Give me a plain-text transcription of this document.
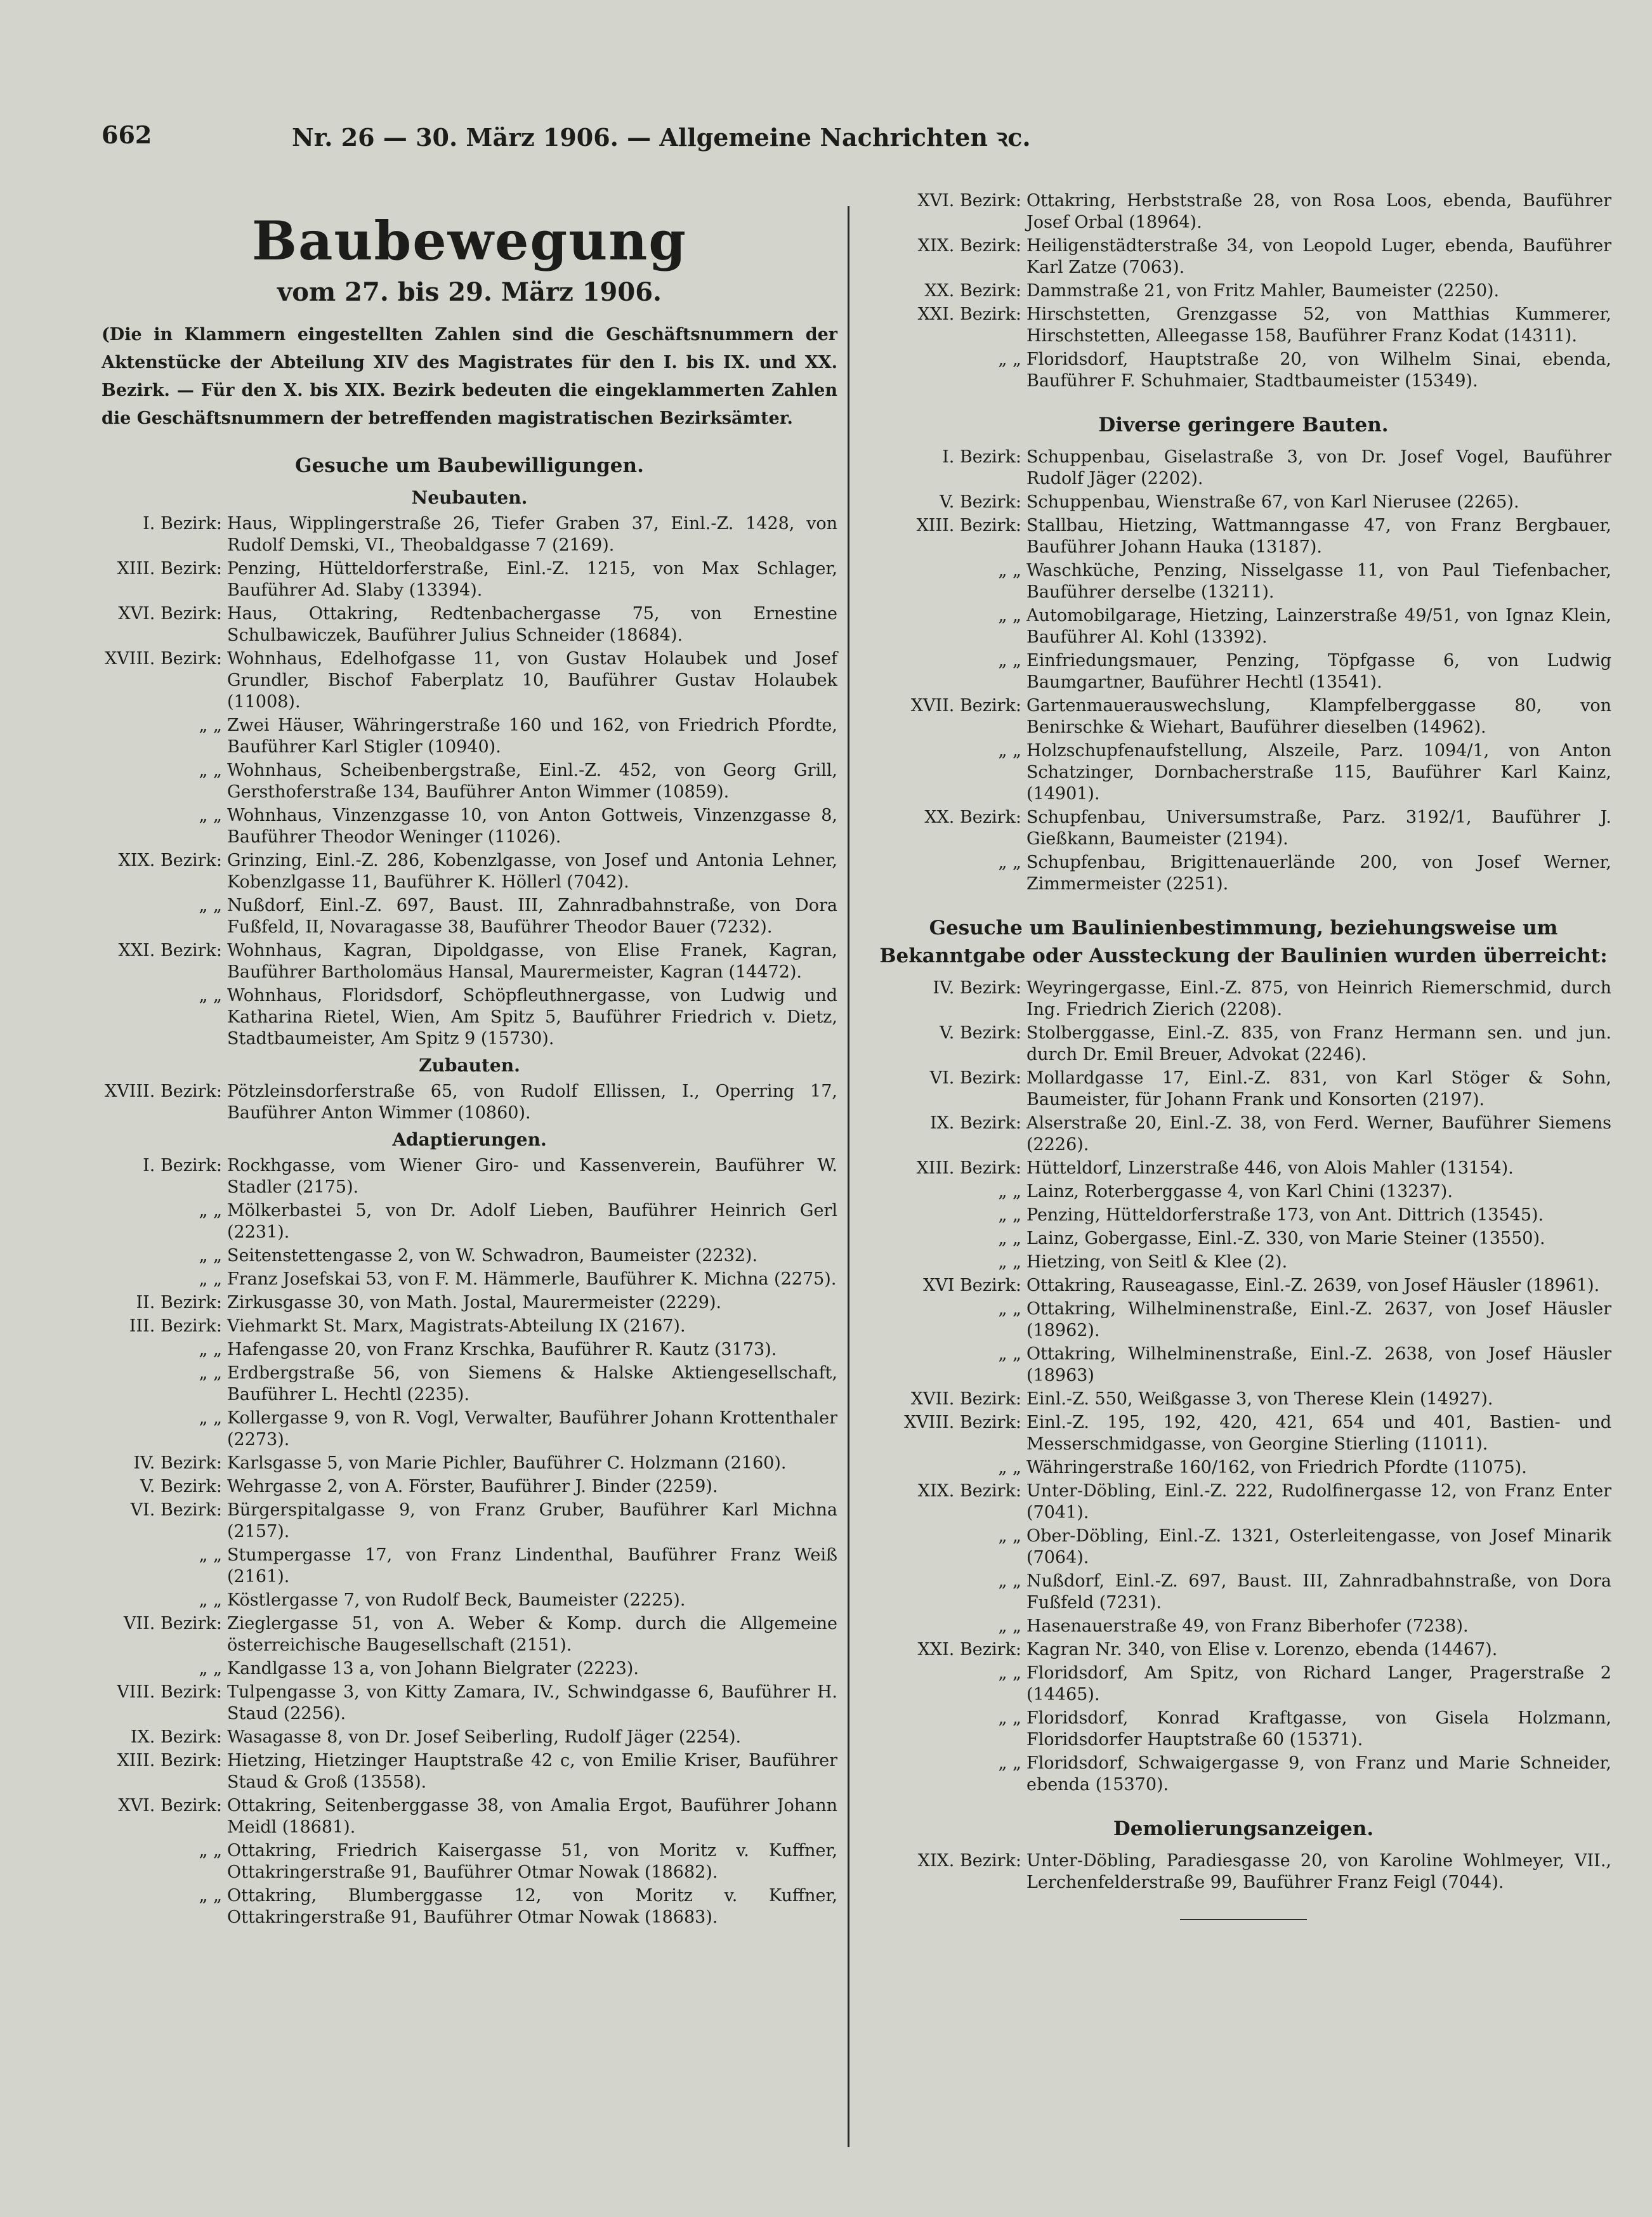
662	Nr. 26 — 30. März 1906. — Allgemeine Nachrichten ꝛc.
Baubewegung
vom 27. bis 29. März 1906.
(Die in Klammern eingestellten Zahlen sind die Geschäftsnummern der Aktenstücke der Abteilung XIV des Magistrates für den I. bis IX. und XX. Bezirk. — Für den X. bis XIX. Bezirk bedeuten die eingeklammerten Zahlen die Geschäftsnummern der betreffenden magistratischen Bezirksämter.
Gesuche um Baubewilligungen.
Neubauten.
I. Bezirk: Haus, Wipplingerstraße 26, Tiefer Graben 37, Einl.-Z. 1428, von Rudolf Demski, VI., Theobaldgasse 7 (2169).
XIII. Bezirk: Penzing, Hütteldorferstraße, Einl.-Z. 1215, von Max Schlager, Bauführer Ad. Slaby (13394).
XVI. Bezirk: Haus, Ottakring, Redtenbachergasse 75, von Ernestine Schulbawiczek, Bauführer Julius Schneider (18684).
XVIII. Bezirk: Wohnhaus, Edelhofgasse 11, von Gustav Holaubek und Josef Grundler, Bischof Faberplatz 10, Bauführer Gustav Holaubek (11008).
„ „ Zwei Häuser, Währingerstraße 160 und 162, von Friedrich Pfordte, Bauführer Karl Stigler (10940).
„ „ Wohnhaus, Scheibenbergstraße, Einl.-Z. 452, von Georg Grill, Gersthoferstraße 134, Bauführer Anton Wimmer (10859).
„ „ Wohnhaus, Vinzenzgasse 10, von Anton Gottweis, Vinzenzgasse 8, Bauführer Theodor Weninger (11026).
XIX. Bezirk: Grinzing, Einl.-Z. 286, Kobenzlgasse, von Josef und Antonia Lehner, Kobenzlgasse 11, Bauführer K. Höllerl (7042).
„ „ Nußdorf, Einl.-Z. 697, Baust. III, Zahnradbahnstraße, von Dora Fußfeld, II, Novaragasse 38, Bauführer Theodor Bauer (7232).
XXI. Bezirk: Wohnhaus, Kagran, Dipoldgasse, von Elise Franek, Kagran, Bauführer Bartholomäus Hansal, Maurermeister, Kagran (14472).
„ „ Wohnhaus, Floridsdorf, Schöpfleuthnergasse, von Ludwig und Katharina Rietel, Wien, Am Spitz 5, Bauführer Friedrich v. Dietz, Stadtbaumeister, Am Spitz 9 (15730).
Zubauten.
XVIII. Bezirk: Pötzleinsdorferstraße 65, von Rudolf Ellissen, I., Operring 17, Bauführer Anton Wimmer (10860).
Adaptierungen.
I. Bezirk: Rockhgasse, vom Wiener Giro- und Kassenverein, Bauführer W. Stadler (2175).
„ „ Mölkerbastei 5, von Dr. Adolf Lieben, Bauführer Heinrich Gerl (2231).
„ „ Seitenstettengasse 2, von W. Schwadron, Baumeister (2232).
„ „ Franz Josefskai 53, von F. M. Hämmerle, Bauführer K. Michna (2275).
II. Bezirk: Zirkusgasse 30, von Math. Jostal, Maurermeister (2229).
III. Bezirk: Viehmarkt St. Marx, Magistrats-Abteilung IX (2167).
„ „ Hafengasse 20, von Franz Krschka, Bauführer R. Kautz (3173).
„ „ Erdbergstraße 56, von Siemens & Halske Aktiengesellschaft, Bauführer L. Hechtl (2235).
„ „ Kollergasse 9, von R. Vogl, Verwalter, Bauführer Johann Krottenthaler (2273).
IV. Bezirk: Karlsgasse 5, von Marie Pichler, Bauführer C. Holzmann (2160).
V. Bezirk: Wehrgasse 2, von A. Förster, Bauführer J. Binder (2259).
VI. Bezirk: Bürgerspitalgasse 9, von Franz Gruber, Bauführer Karl Michna (2157).
„ „ Stumpergasse 17, von Franz Lindenthal, Bauführer Franz Weiß (2161).
„ „ Köstlergasse 7, von Rudolf Beck, Baumeister (2225).
VII. Bezirk: Zieglergasse 51, von A. Weber & Komp. durch die Allgemeine österreichische Baugesellschaft (2151).
„ „ Kandlgasse 13 a, von Johann Bielgrater (2223).
VIII. Bezirk: Tulpengasse 3, von Kitty Zamara, IV., Schwindgasse 6, Bauführer H. Staud (2256).
IX. Bezirk: Wasagasse 8, von Dr. Josef Seiberling, Rudolf Jäger (2254).
XIII. Bezirk: Hietzing, Hietzinger Hauptstraße 42 c, von Emilie Kriser, Bauführer Staud & Groß (13558).
XVI. Bezirk: Ottakring, Seitenberggasse 38, von Amalia Ergot, Bauführer Johann Meidl (18681).
„ „ Ottakring, Friedrich Kaisergasse 51, von Moritz v. Kuffner, Ottakringerstraße 91, Bauführer Otmar Nowak (18682).
„ „ Ottakring, Blumberggasse 12, von Moritz v. Kuffner, Ottakringerstraße 91, Bauführer Otmar Nowak (18683).
XVI. Bezirk: Ottakring, Herbststraße 28, von Rosa Loos, ebenda, Bauführer Josef Orbal (18964).
XIX. Bezirk: Heiligenstädterstraße 34, von Leopold Luger, ebenda, Bauführer Karl Zatze (7063).
XX. Bezirk: Dammstraße 21, von Fritz Mahler, Baumeister (2250).
XXI. Bezirk: Hirschstetten, Grenzgasse 52, von Matthias Kummerer, Hirschstetten, Alleegasse 158, Bauführer Franz Kodat (14311).
„ „ Floridsdorf, Hauptstraße 20, von Wilhelm Sinai, ebenda, Bauführer F. Schuhmaier, Stadtbaumeister (15349).
Diverse geringere Bauten.
I. Bezirk: Schuppenbau, Giselastraße 3, von Dr. Josef Vogel, Bauführer Rudolf Jäger (2202).
V. Bezirk: Schuppenbau, Wienstraße 67, von Karl Nierusee (2265).
XIII. Bezirk: Stallbau, Hietzing, Wattmanngasse 47, von Franz Bergbauer, Bauführer Johann Hauka (13187).
„ „ Waschküche, Penzing, Nisselgasse 11, von Paul Tiefenbacher, Bauführer derselbe (13211).
„ „ Automobilgarage, Hietzing, Lainzerstraße 49/51, von Ignaz Klein, Bauführer Al. Kohl (13392).
„ „ Einfriedungsmauer, Penzing, Töpfgasse 6, von Ludwig Baumgartner, Bauführer Hechtl (13541).
XVII. Bezirk: Gartenmauerauswechslung, Klampfelberggasse 80, von Benirschke & Wiehart, Bauführer dieselben (14962).
„ „ Holzschupfenaufstellung, Alszeile, Parz. 1094/1, von Anton Schatzinger, Dornbacherstraße 115, Bauführer Karl Kainz, (14901).
XX. Bezirk: Schupfenbau, Universumstraße, Parz. 3192/1, Bauführer J. Gießkann, Baumeister (2194).
„ „ Schupfenbau, Brigittenauerlände 200, von Josef Werner, Zimmermeister (2251).
Gesuche um Baulinienbestimmung, beziehungsweise um Bekanntgabe oder Aussteckung der Baulinien wurden überreicht:
IV. Bezirk: Weyringergasse, Einl.-Z. 875, von Heinrich Riemerschmid, durch Ing. Friedrich Zierich (2208).
V. Bezirk: Stolberggasse, Einl.-Z. 835, von Franz Hermann sen. und jun. durch Dr. Emil Breuer, Advokat (2246).
VI. Bezirk: Mollardgasse 17, Einl.-Z. 831, von Karl Stöger & Sohn, Baumeister, für Johann Frank und Konsorten (2197).
IX. Bezirk: Alserstraße 20, Einl.-Z. 38, von Ferd. Werner, Bauführer Siemens (2226).
XIII. Bezirk: Hütteldorf, Linzerstraße 446, von Alois Mahler (13154).
„ „ Lainz, Roterberggasse 4, von Karl Chini (13237).
„ „ Penzing, Hütteldorferstraße 173, von Ant. Dittrich (13545).
„ „ Lainz, Gobergasse, Einl.-Z. 330, von Marie Steiner (13550).
„ „ Hietzing, von Seitl & Klee (2).
XVI Bezirk: Ottakring, Rauseagasse, Einl.-Z. 2639, von Josef Häusler (18961).
„ „ Ottakring, Wilhelminenstraße, Einl.-Z. 2637, von Josef Häusler (18962).
„ „ Ottakring, Wilhelminenstraße, Einl.-Z. 2638, von Josef Häusler (18963)
XVII. Bezirk: Einl.-Z. 550, Weißgasse 3, von Therese Klein (14927).
XVIII. Bezirk: Einl.-Z. 195, 192, 420, 421, 654 und 401, Bastien- und Messerschmidgasse, von Georgine Stierling (11011).
„ „ Währingerstraße 160/162, von Friedrich Pfordte (11075).
XIX. Bezirk: Unter-Döbling, Einl.-Z. 222, Rudolfinergasse 12, von Franz Enter (7041).
„ „ Ober-Döbling, Einl.-Z. 1321, Osterleitengasse, von Josef Minarik (7064).
„ „ Nußdorf, Einl.-Z. 697, Baust. III, Zahnradbahnstraße, von Dora Fußfeld (7231).
„ „ Hasenauerstraße 49, von Franz Biberhofer (7238).
XXI. Bezirk: Kagran Nr. 340, von Elise v. Lorenzo, ebenda (14467).
„ „ Floridsdorf, Am Spitz, von Richard Langer, Pragerstraße 2 (14465).
„ „ Floridsdorf, Konrad Kraftgasse, von Gisela Holzmann, Floridsdorfer Hauptstraße 60 (15371).
„ „ Floridsdorf, Schwaigergasse 9, von Franz und Marie Schneider, ebenda (15370).
Demolierungsanzeigen.
XIX. Bezirk: Unter-Döbling, Paradiesgasse 20, von Karoline Wohlmeyer, VII., Lerchenfelderstraße 99, Bauführer Franz Feigl (7044).
